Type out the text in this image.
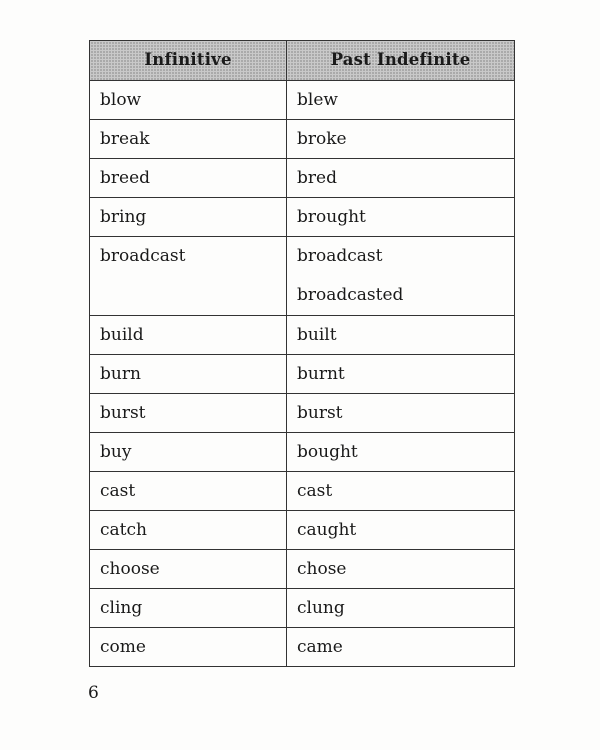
Infinitive	Past Indefinite
blow	blew
break	broke
breed	bred
bring	brought
broadcast	broadcast
broadcasted

build	built
burn	burnt
burst	burst
buy	bought
cast	cast
catch	caught
choose	chose
cling	clung
come	came
6
